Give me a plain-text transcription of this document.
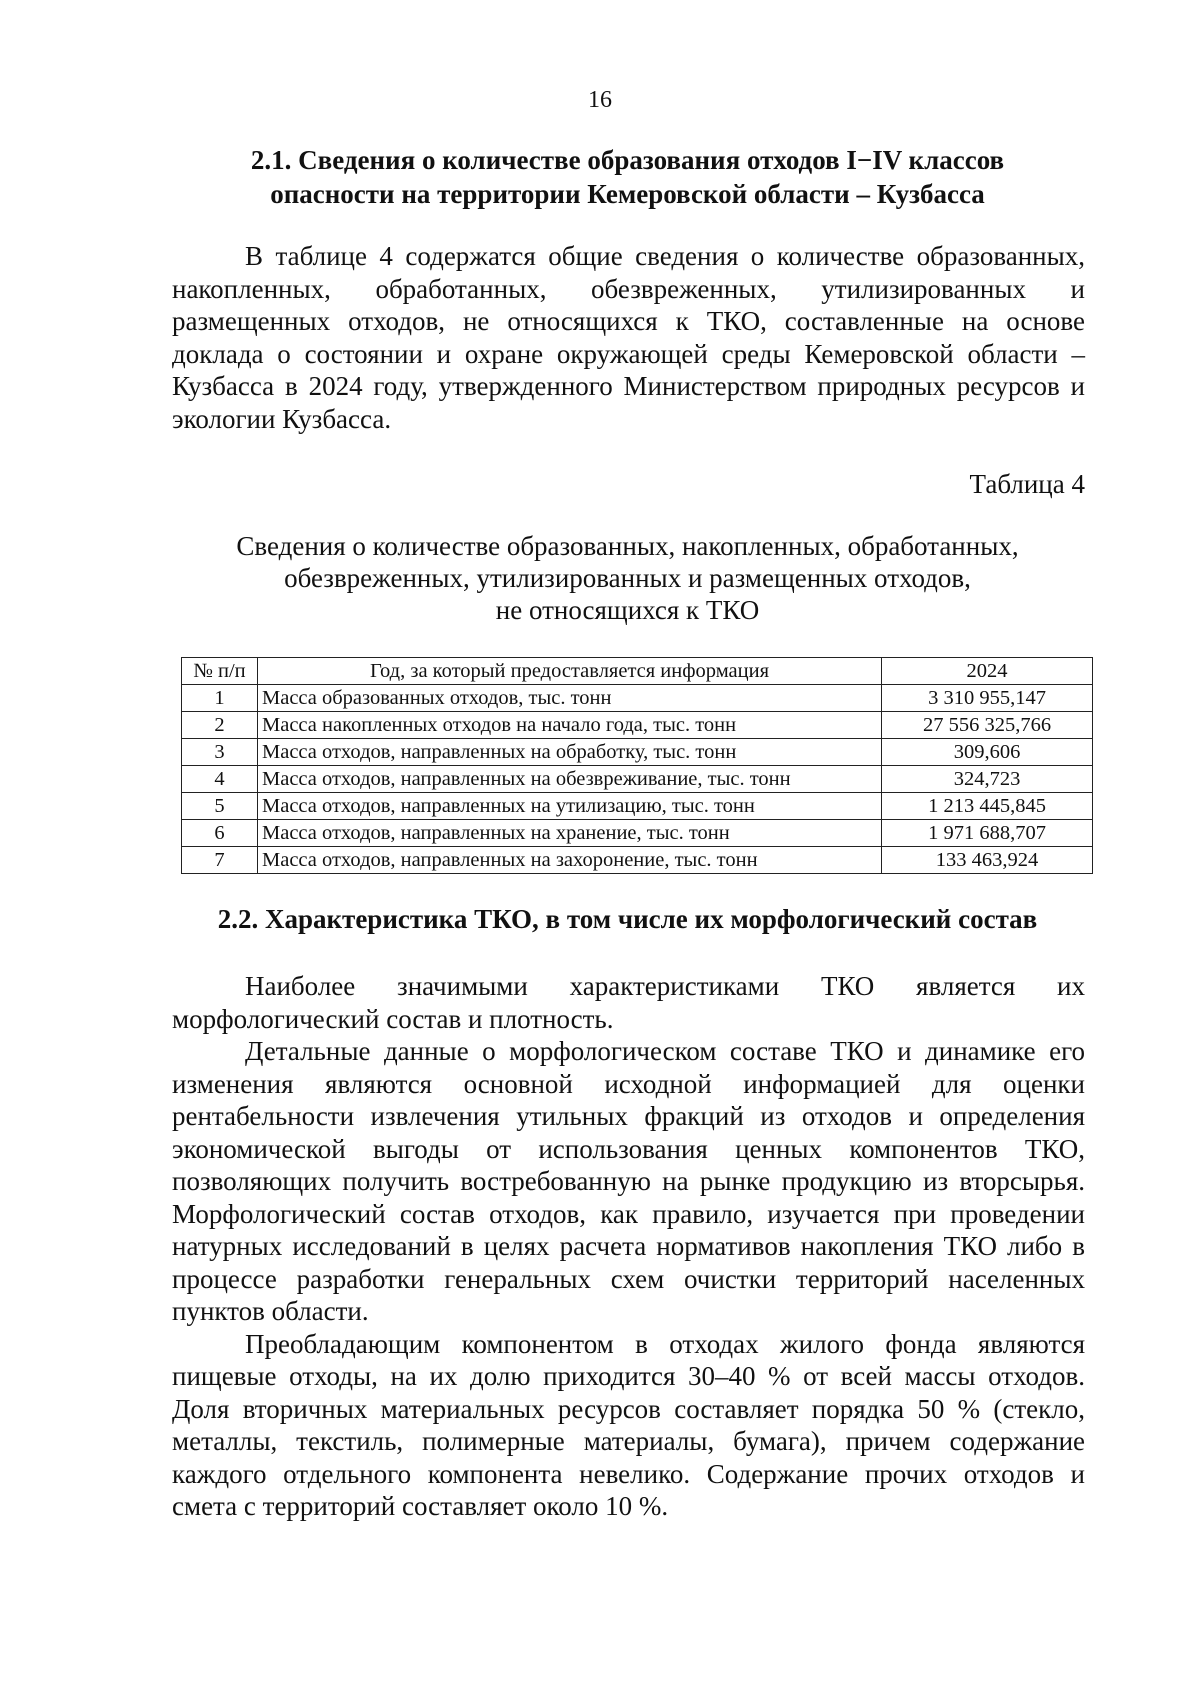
16
2.1. Сведения о количестве образования отходов I−IV классов
опасности на территории Кемеровской области – Кузбасса

В таблице 4 содержатся общие сведения о количестве образованных, накопленных, обработанных, обезвреженных, утилизированных и размещенных отходов, не относящихся к ТКО, составленные на основе доклада о состоянии и охране окружающей среды Кемеровской области – Кузбасса в 2024 году, утвержденного Министерством природных ресурсов и экологии Кузбасса.

Таблица 4
Сведения о количестве образованных, накопленных, обработанных,
обезвреженных, утилизированных и размещенных отходов,
не относящихся к ТКО
№ п/п	Год, за который предоставляется информация	2024
1	Масса образованных отходов, тыс. тонн	3 310 955,147
2	Масса накопленных отходов на начало года, тыс. тонн	27 556 325,766
3	Масса отходов, направленных на обработку, тыс. тонн	309,606
4	Масса отходов, направленных на обезвреживание, тыс. тонн	324,723
5	Масса отходов, направленных на утилизацию, тыс. тонн	1 213 445,845
6	Масса отходов, направленных на хранение, тыс. тонн	1 971 688,707
7	Масса отходов, направленных на захоронение, тыс. тонн	133 463,924
2.2. Характеристика ТКО, в том числе их морфологический состав

Наиболее значимыми характеристиками ТКО является их морфологический состав и плотность.

Детальные данные о морфологическом составе ТКО и динамике его изменения являются основной исходной информацией для оценки рентабельности извлечения утильных фракций из отходов и определения экономической выгоды от использования ценных компонентов ТКО, позволяющих получить востребованную на рынке продукцию из вторсырья. Морфологический состав отходов, как правило, изучается при проведении натурных исследований в целях расчета нормативов накопления ТКО либо в процессе разработки генеральных схем очистки территорий населенных пунктов области.

Преобладающим компонентом в отходах жилого фонда являются пищевые отходы, на их долю приходится 30–40 % от всей массы отходов. Доля вторичных материальных ресурсов составляет порядка 50 % (стекло, металлы, текстиль, полимерные материалы, бумага), причем содержание каждого отдельного компонента невелико. Содержание прочих отходов и смета с территорий составляет около 10 %.
